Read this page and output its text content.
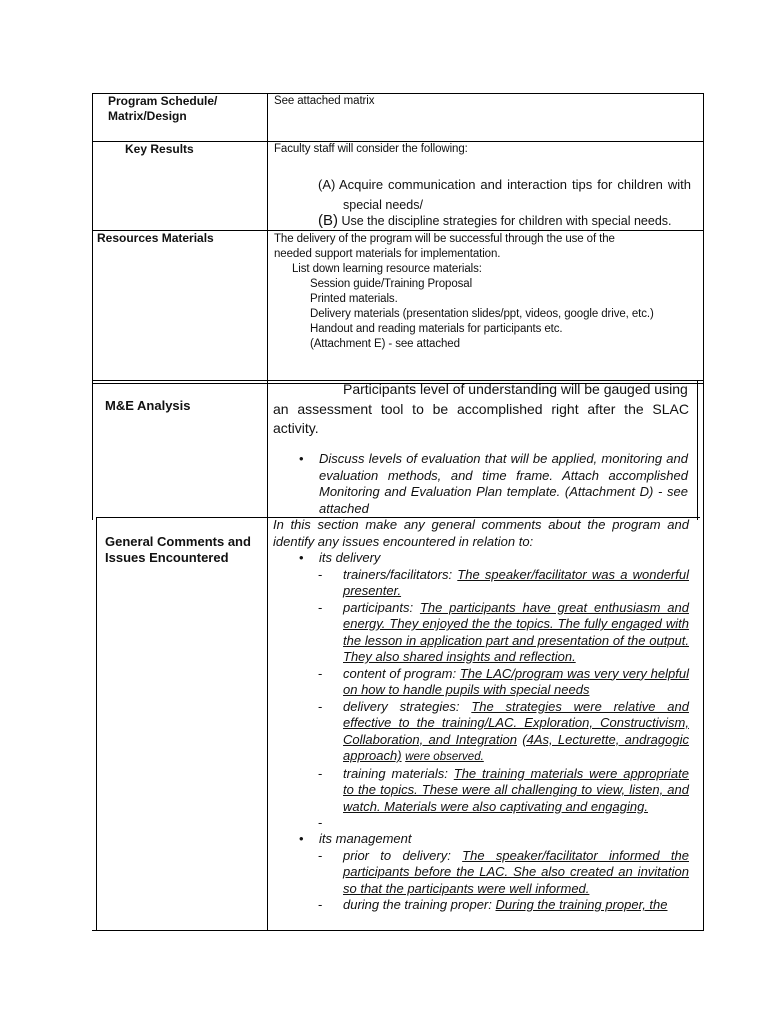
Program Schedule/
Matrix/Design
See attached matrix
Key Results	Faculty staff will consider the following:
(A) Acquire communication and interaction tips for children with
special needs/
(B) Use the discipline strategies for children with special needs.
Resources Materials	The delivery of the program will be successful through the use of the
needed support materials for implementation.
List down learning resource materials:
Session guide/Training Proposal
Printed materials.
Delivery materials (presentation slides/ppt, videos, google drive, etc.)
Handout and reading materials for participants etc.
(Attachment E) - see attached
M&E Analysis
Participants level of understanding will be gauged using
an assessment tool to be accomplished right after the SLAC
activity.
• Discuss levels of evaluation that will be applied, monitoring and evaluation methods, and time frame. Attach accomplished Monitoring and Evaluation Plan template. (Attachment D) - see attached
General Comments and
Issues Encountered
In this section make any general comments about the program and identify any issues encountered in relation to:
• its delivery
- trainers/facilitators: The speaker/facilitator was a wonderful presenter.
- participants: The participants have great enthusiasm and energy. They enjoyed the the topics. The fully engaged with the lesson in application part and presentation of the output. They also shared insights and reflection.
- content of program: The LAC/program was very very helpful on how to handle pupils with special needs
- delivery strategies: The strategies were relative and effective to the training/LAC. Exploration, Constructivism, Collaboration, and Integration (4As, Lecturette, andragogic approach) were observed.
- training materials: The training materials were appropriate to the topics. These were all challenging to view, listen, and watch. Materials were also captivating and engaging.
-
• its management
- prior to delivery: The speaker/facilitator informed the participants before the LAC. She also created an invitation so that the participants were well informed.
- during the training proper: During the training proper, the
